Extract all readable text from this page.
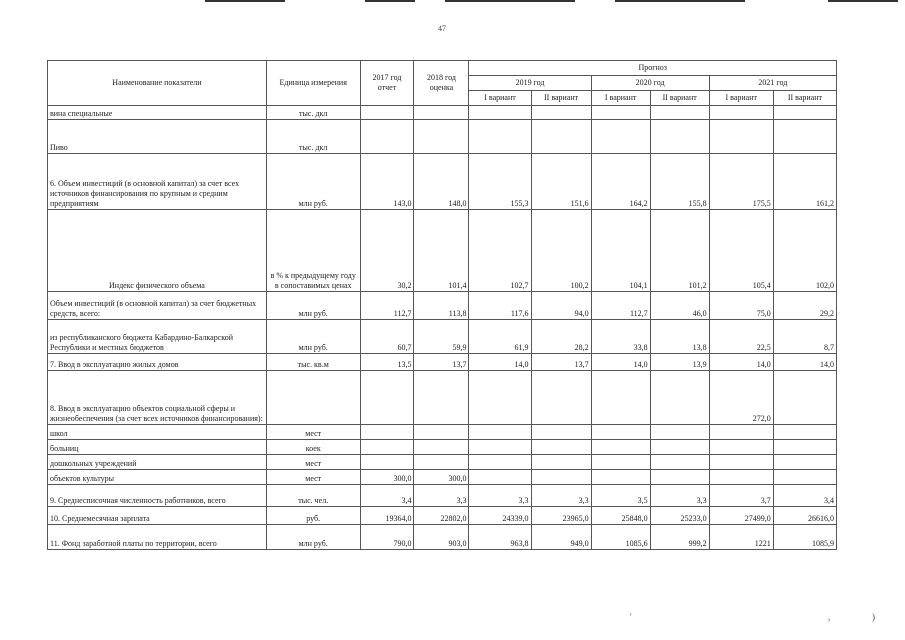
47
Наименование показатели	Единица измерения	2017 год отчет	2018 год оценка	Прогноз					
				2019 год		2020 год		2021 год	
				I вариант	II вариант	I вариант	II вариант	I вариант	II вариант
вина специальные	тыс. дкл								
Пиво	тыс. дкл								
6. Объем инвестиций (в основной капитал) за счет всех источников финансирования по крупным и средним предприятиям	млн руб.	143,0	148,0	155,3	151,6	164,2	155,8	175,5	161,2
Индекс физического объема	в % к предыдущему году в сопоставимых ценах	30,2	101,4	102,7	100,2	104,1	101,2	105,4	102,0
Объем инвестиций (в основной капитал) за счет бюджетных средств, всего:	млн руб.	112,7	113,8	117,6	94,0	112,7	46,0	75,0	29,2
из республиканского бюджета Кабардино-Балкарской Республики и местных бюджетов	млн руб.	60,7	59,9	61,9	28,2	33,8	13,8	22,5	8,7
7. Ввод в эксплуатацию жилых домов	тыс. кв.м	13,5	13,7	14,0	13,7	14,0	13,9	14,0	14,0
8. Ввод в эксплуатацию объектов социальной сферы и жизнеобеспечения (за счет всех источников финансирования):								272,0	
школ	мест								
больниц	коек								
дошкольных учреждений	мест								
объектов культуры	мест	300,0	300,0						
9. Среднесписочная численность работников, всего	тыс. чел.	3,4	3,3	3,3	3,3	3,5	3,3	3,7	3,4
10. Среднемесячная зарплата	руб.	19364,0	22802,0	24339,0	23965,0	25848,0	25233,0	27499,0	26616,0
11. Фонд заработной платы по территории, всего	млн руб.	790,0	903,0	963,8	949,0	1085,6	999,2	1221	1085,9
'	,	)
